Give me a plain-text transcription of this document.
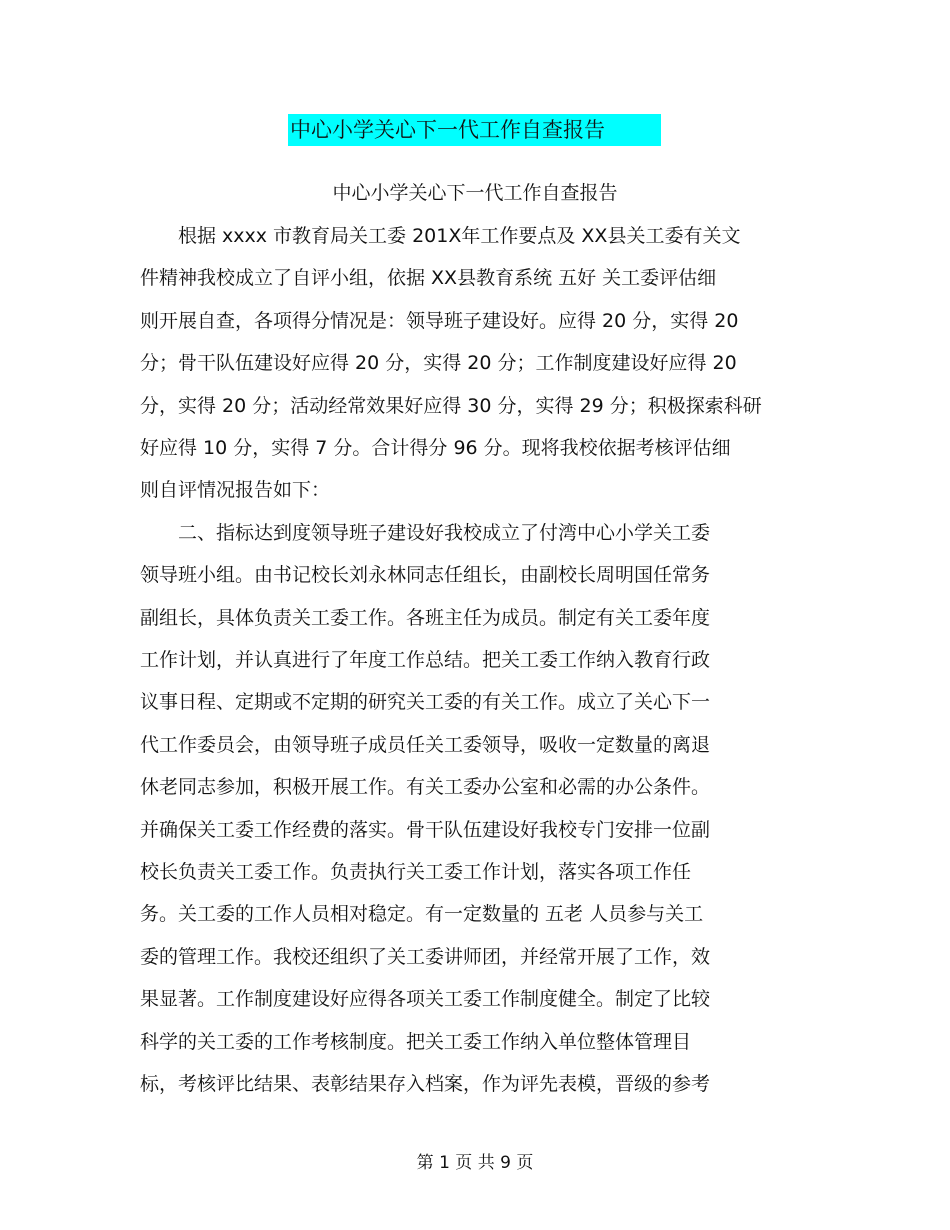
中心小学关心下一代工作自查报告
中心小学关心下一代工作自查报告
　　根据 xxxx 市教育局关工委 201X年工作要点及 XX县关工委有关文
件精神我校成立了自评小组，依据 XX县教育系统 五好 关工委评估细
则开展自查，各项得分情况是：领导班子建设好。应得 20 分，实得 20
分；骨干队伍建设好应得 20 分，实得 20 分；工作制度建设好应得 20
分，实得 20 分；活动经常效果好应得 30 分，实得 29 分；积极探索科研
好应得 10 分，实得 7 分。合计得分 96 分。现将我校依据考核评估细
则自评情况报告如下：
　　二、指标达到度领导班子建设好我校成立了付湾中心小学关工委
领导班小组。由书记校长刘永林同志任组长，由副校长周明国任常务
副组长，具体负责关工委工作。各班主任为成员。制定有关工委年度
工作计划，并认真进行了年度工作总结。把关工委工作纳入教育行政
议事日程、定期或不定期的研究关工委的有关工作。成立了关心下一
代工作委员会，由领导班子成员任关工委领导，吸收一定数量的离退
休老同志参加，积极开展工作。有关工委办公室和必需的办公条件。
并确保关工委工作经费的落实。骨干队伍建设好我校专门安排一位副
校长负责关工委工作。负责执行关工委工作计划，落实各项工作任
务。关工委的工作人员相对稳定。有一定数量的 五老 人员参与关工
委的管理工作。我校还组织了关工委讲师团，并经常开展了工作，效
果显著。工作制度建设好应得各项关工委工作制度健全。制定了比较
科学的关工委的工作考核制度。把关工委工作纳入单位整体管理目
标，考核评比结果、表彰结果存入档案，作为评先表模，晋级的参考
第 1 页 共 9 页
